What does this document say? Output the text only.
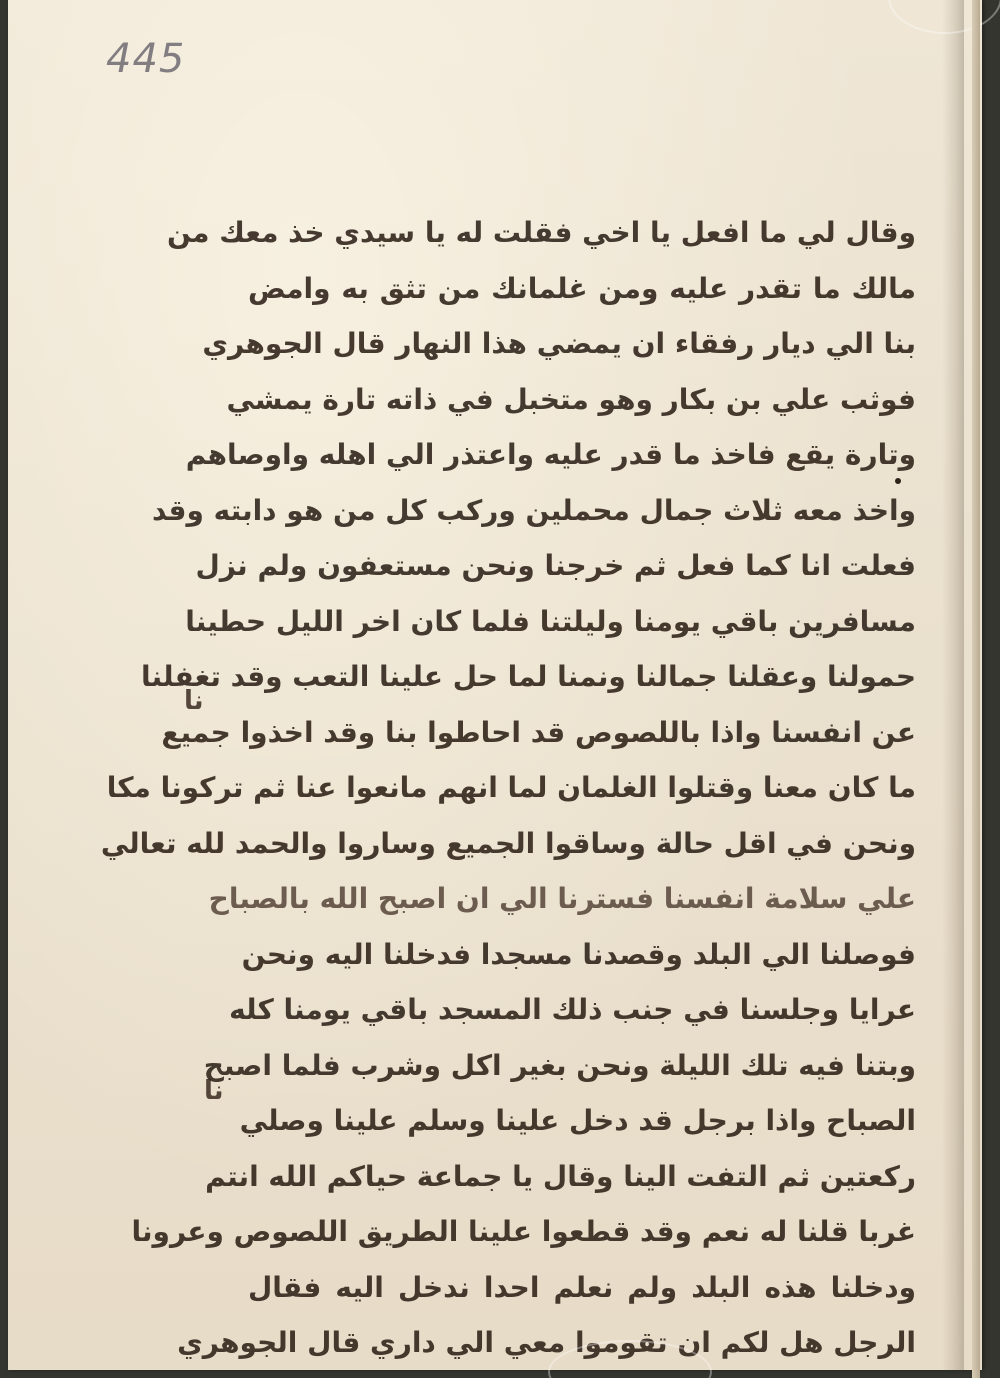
445
نا
نا
وقال لي ما افعل يا اخي فقلت له يا سيدي خذ معك من
مالك ما تقدر عليه ومن غلمانك من تثق به وامض
بنا الي ديار رفقاء ان يمضي هذا النهار قال الجوهري
فوثب علي بن بكار وهو متخبل في ذاته تارة يمشي
وتارة يقع فاخذ ما قدر عليه واعتذر الي اهله واوصاهم
واخذ معه ثلاث جمال محملين وركب كل من هو دابته وقد
فعلت انا كما فعل ثم خرجنا ونحن مستعفون ولم نزل
مسافرين باقي يومنا وليلتنا فلما كان اخر الليل حطينا
حمولنا وعقلنا جمالنا ونمنا لما حل علينا التعب وقد تغفلنا
عن انفسنا واذا باللصوص قد احاطوا بنا وقد اخذوا جميع
ما كان معنا وقتلوا الغلمان لما انهم مانعوا عنا ثم تركونا مكا
ونحن في اقل حالة وساقوا الجميع وساروا والحمد لله تعالي
علي سلامة انفسنا فسترنا الي ان اصبح الله بالصباح
فوصلنا الي البلد وقصدنا مسجدا فدخلنا اليه ونحن
عرايا وجلسنا في جنب ذلك المسجد باقي يومنا كله
وبتنا فيه تلك الليلة ونحن بغير اكل وشرب فلما اصبح
الصباح واذا برجل قد دخل علينا وسلم علينا وصلي
ركعتين ثم التفت الينا وقال يا جماعة حياكم الله انتم
غربا قلنا له نعم وقد قطعوا علينا الطريق اللصوص وعرونا
ودخلنا هذه البلد ولم نعلم احدا ندخل اليه فقال
الرجل هل لكم ان تقوموا معي الي داري قال الجوهري
